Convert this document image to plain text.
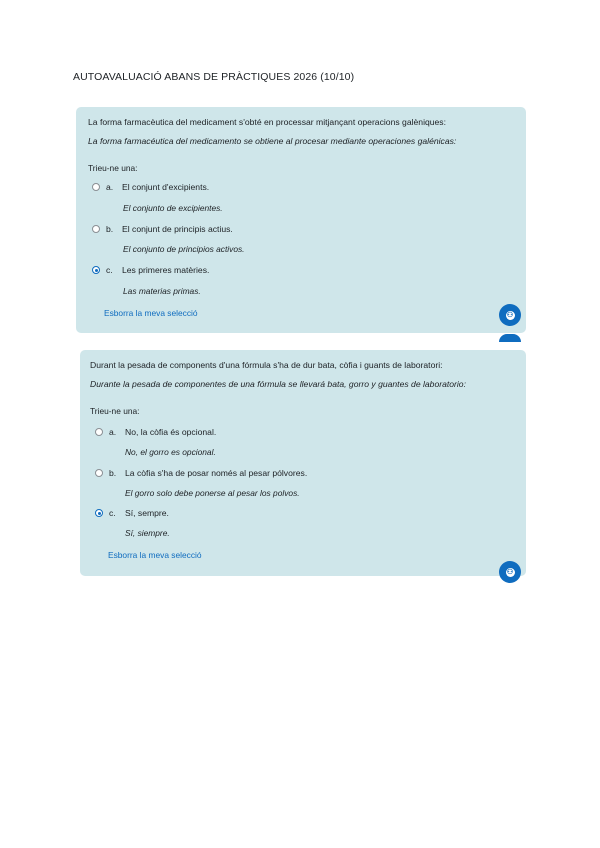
AUTOAVALUACIÓ ABANS DE PRÀCTIQUES 2026 (10/10)
La forma farmacèutica del medicament s'obté en processar mitjançant operacions galèniques:
La forma farmacéutica del medicamento se obtiene al procesar mediante operaciones galénicas:
Trieu-ne una:
a.	El conjunt d'excipients.
El conjunto de excipientes.
b.	El conjunt de principis actius.
El conjunto de principios activos.
c.	Les primeres matèries.
Las materias primas.
Esborra la meva selecció	⚇
Durant la pesada de components d'una fórmula s'ha de dur bata, còfia i guants de laboratori:
Durante la pesada de componentes de una fórmula se llevará bata, gorro y guantes de laboratorio:
Trieu-ne una:
a.	No, la còfia és opcional.
No, el gorro es opcional.
b.	La còfia s'ha de posar només al pesar pólvores.
El gorro solo debe ponerse al pesar los polvos.
c.	Sí, sempre.
Sí, siempre.
Esborra la meva selecció
⚇
